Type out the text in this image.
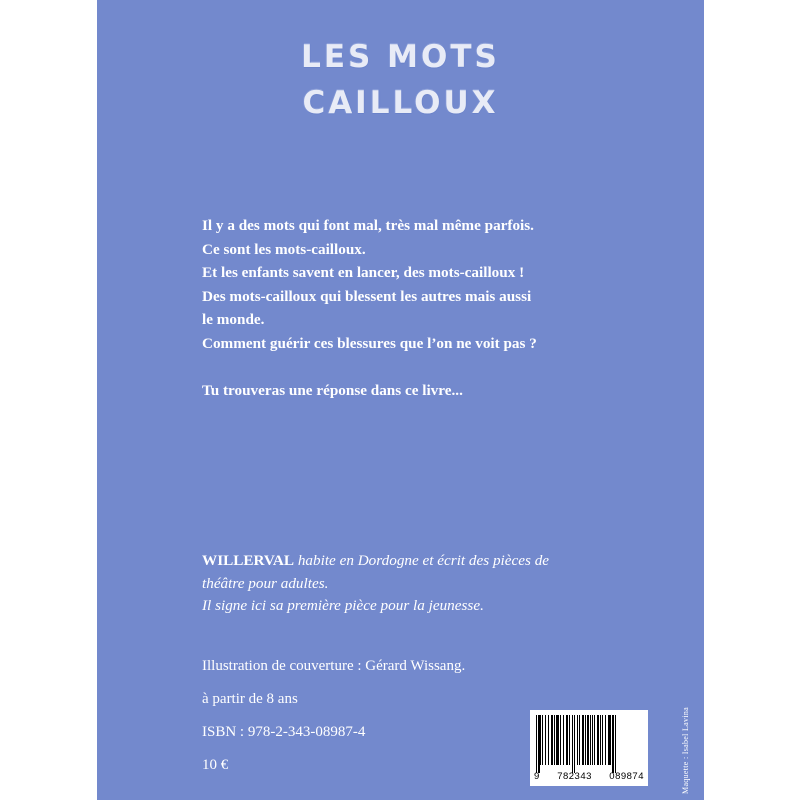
LES MOTS
CAILLOUX

Il y a des mots qui font mal, très mal même parfois.

Ce sont les mots-cailloux.

Et les enfants savent en lancer, des mots-cailloux !

Des mots-cailloux qui blessent les autres mais aussi

le monde.

Comment guérir ces blessures que l’on ne voit pas ?

Tu trouveras une réponse dans ce livre...

WILLERVAL habite en Dordogne et écrit des pièces de

théâtre pour adultes.

Il signe ici sa première pièce pour la jeunesse.

Illustration de couverture : Gérard Wissang.

à partir de 8 ans

ISBN : 978-2-343-08987-4

10 €	Maquette : Isabel Lavina
9 782343 089874
